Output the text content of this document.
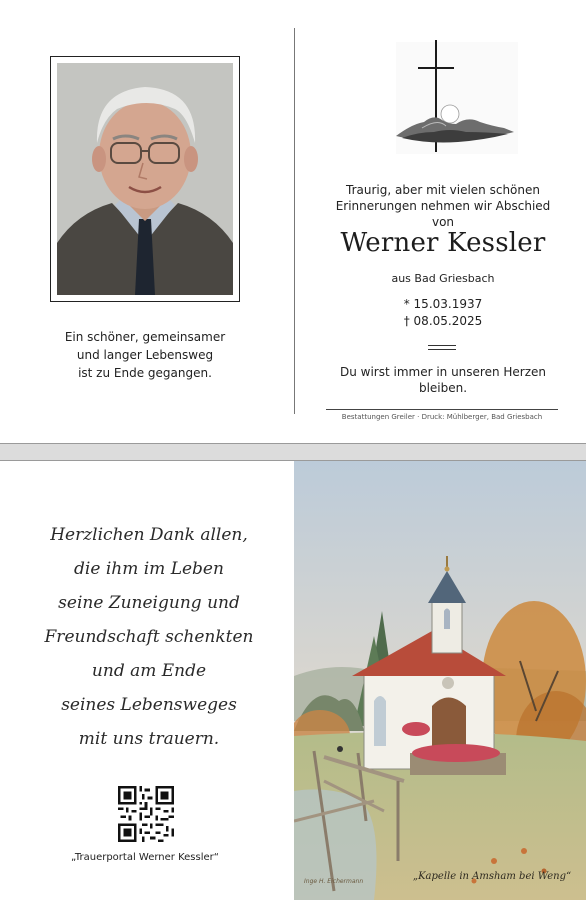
Ein schöner, gemeinsamer
und langer Lebensweg
ist zu Ende gegangen.
Traurig, aber mit vielen schönen
Erinnerungen nehmen wir Abschied
von
Werner Kessler
aus Bad Griesbach
* 15.03.1937
† 08.05.2025
Du wirst immer in unseren Herzen
bleiben.
Bestattungen Greiler · Druck: Mühlberger, Bad Griesbach
Herzlichen Dank allen,
die ihm im Leben
seine Zuneigung und
Freundschaft schenkten
und am Ende
seines Lebensweges
mit uns trauern.
„Trauerportal Werner Kessler“
Inge H. Eichermann	„Kapelle in Amsham bei Weng“
